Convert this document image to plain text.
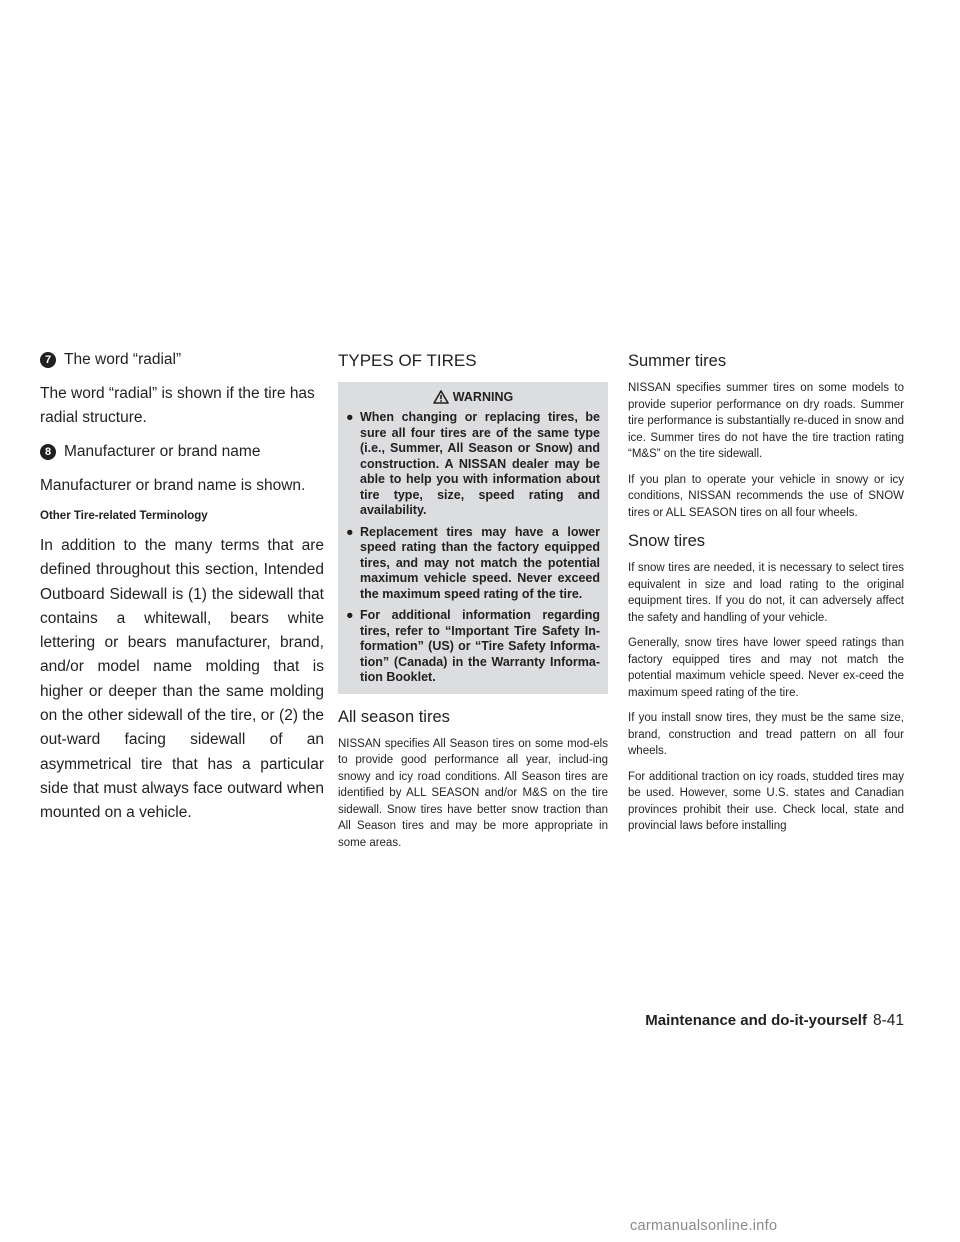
7 The word “radial”

The word “radial” is shown if the tire has radial structure.

8 Manufacturer or brand name

Manufacturer or brand name is shown.

Other Tire-related Terminology

In addition to the many terms that are defined throughout this section, Intended Outboard Sidewall is (1) the sidewall that contains a whitewall, bears white lettering or bears manufacturer, brand, and/or model name molding that is higher or deeper than the same molding on the other sidewall of the tire, or (2) the out-ward facing sidewall of an asymmetrical tire that has a particular side that must always face outward when mounted on a vehicle.

TYPES OF TIRES
WARNING
● When changing or replacing tires, be sure all four tires are of the same type (i.e., Summer, All Season or Snow) and construction. A NISSAN dealer may be able to help you with information about tire type, size, speed rating and availability.
● Replacement tires may have a lower speed rating than the factory equipped tires, and may not match the potential maximum vehicle speed. Never exceed the maximum speed rating of the tire.
● For additional information regarding tires, refer to “Important Tire Safety In-formation” (US) or “Tire Safety Informa-tion” (Canada) in the Warranty Informa-tion Booklet.
All season tires

NISSAN specifies All Season tires on some mod-els to provide good performance all year, includ-ing snowy and icy road conditions. All Season tires are identified by ALL SEASON and/or M&S on the tire sidewall. Snow tires have better snow traction than All Season tires and may be more appropriate in some areas.

Summer tires

NISSAN specifies summer tires on some models to provide superior performance on dry roads. Summer tire performance is substantially re-duced in snow and ice. Summer tires do not have the tire traction rating “M&S” on the tire sidewall.

If you plan to operate your vehicle in snowy or icy conditions, NISSAN recommends the use of SNOW tires or ALL SEASON tires on all four wheels.

Snow tires

If snow tires are needed, it is necessary to select tires equivalent in size and load rating to the original equipment tires. If you do not, it can adversely affect the safety and handling of your vehicle.

Generally, snow tires have lower speed ratings than factory equipped tires and may not match the potential maximum vehicle speed. Never ex-ceed the maximum speed rating of the tire.

If you install snow tires, they must be the same size, brand, construction and tread pattern on all four wheels.

For additional traction on icy roads, studded tires may be used. However, some U.S. states and Canadian provinces prohibit their use. Check local, state and provincial laws before installing

Maintenance and do-it-yourself 8-41
carmanualsonline.info
